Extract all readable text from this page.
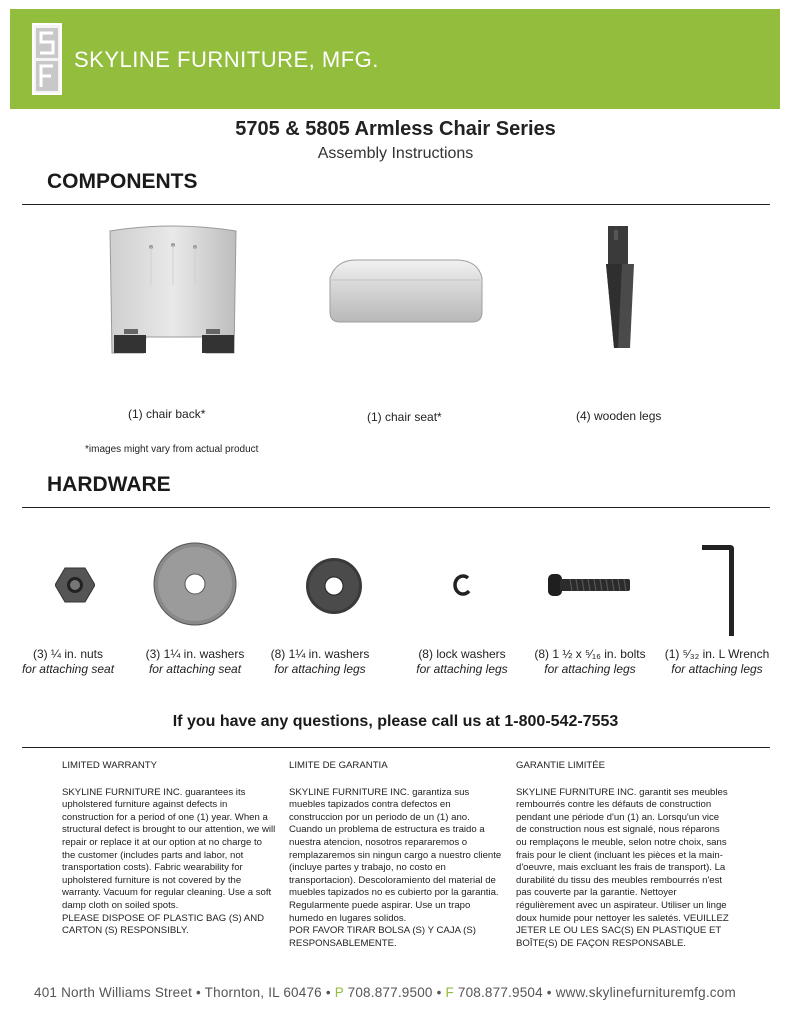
SKYLINE FURNITURE, MFG.
5705 & 5805 Armless Chair Series
Assembly Instructions
COMPONENTS
(1) chair back*	(1) chair seat*	(4) wooden legs
*images might vary from actual product
HARDWARE
(3) ¼ in. nuts
for attaching seat
(3) 1¼ in. washers
for attaching seat
(8) 1¼ in. washers
for attaching legs
(8) lock washers
for attaching legs
(8) 1 ½ x ⁵⁄₁₆ in. bolts
for attaching legs
(1) ⁵⁄₃₂ in. L Wrench
for attaching legs
If you have any questions, please call us at 1-800-542-7553
LIMITED WARRANTY
SKYLINE FURNITURE INC. guarantees its upholstered furniture against defects in construction for a period of one (1) year. When a structural defect is brought to our attention, we will repair or replace it at our option at no charge to the customer (includes parts and labor, not transportation costs). Fabric wearability for upholstered furniture is not covered by the warranty. Vacuum for regular cleaning. Use a soft damp cloth on soiled spots.
PLEASE DISPOSE OF PLASTIC BAG (S) AND CARTON (S) RESPONSIBLY.
LIMITE DE GARANTIA
SKYLINE FURNITURE INC. garantiza sus muebles tapizados contra defectos en construccion por un periodo de un (1) ano. Cuando un problema de estructura es traido a nuestra atencion, nosotros repararemos o remplazaremos sin ningun cargo a nuestro cliente (incluye partes y trabajo, no costo en transportacion). Descoloramiento del material de muebles tapizados no es cubierto por la garantia. Regularmente puede aspirar. Use un trapo humedo en lugares solidos.
POR FAVOR TIRAR BOLSA (S) Y CAJA (S) RESPONSABLEMENTE.
GARANTIE LIMITÉE
SKYLINE FURNITURE INC. garantit ses meubles rembourrés contre les défauts de construction pendant une période d'un (1) an. Lorsqu'un vice de construction nous est signalé, nous réparons ou remplaçons le meuble, selon notre choix, sans frais pour le client (incluant les pièces et la main-d'oeuvre, mais excluant les frais de transport). La durabilité du tissu des meubles rembourrés n'est pas couverte par la garantie. Nettoyer régulièrement avec un aspirateur. Utiliser un linge doux humide pour nettoyer les saletés. VEUILLEZ JETER LE OU LES SAC(S) EN PLASTIQUE ET BOÎTE(S) DE FAÇON RESPONSABLE.
401 North Williams Street • Thornton, IL 60476 • P 708.877.9500 • F 708.877.9504 • www.skylinefurnituremfg.com
